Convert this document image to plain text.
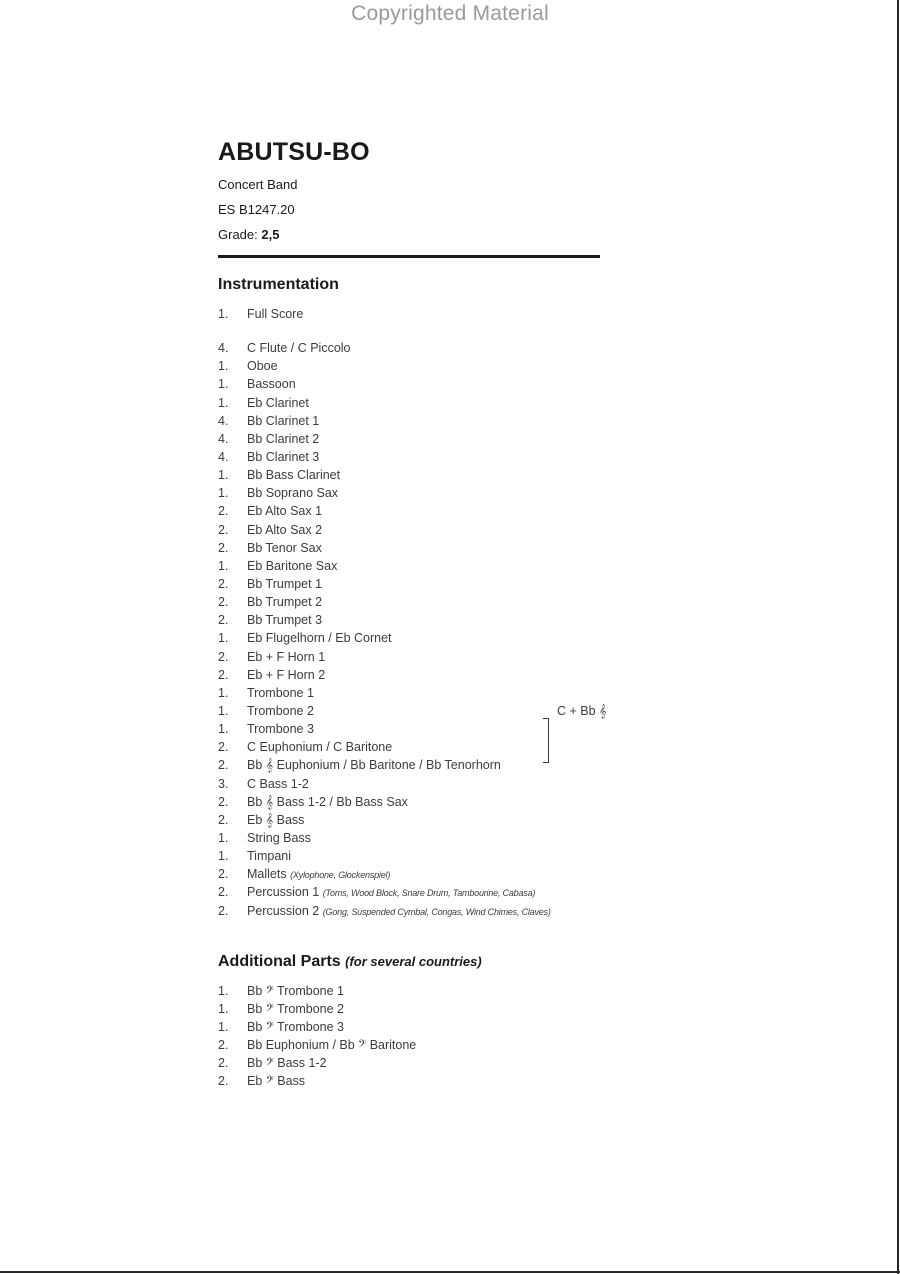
Copyrighted Material
ABUTSU-BO
Concert Band
ES B1247.20
Grade: 2,5
Instrumentation
1. Full Score
4. C Flute / C Piccolo
1. Oboe
1. Bassoon
1. Eb Clarinet
4. Bb Clarinet 1
4. Bb Clarinet 2
4. Bb Clarinet 3
1. Bb Bass Clarinet
1. Bb Soprano Sax
2. Eb Alto Sax 1
2. Eb Alto Sax 2
2. Bb Tenor Sax
1. Eb Baritone Sax
2. Bb Trumpet 1
2. Bb Trumpet 2
2. Bb Trumpet 3
1. Eb Flugelhorn / Eb Cornet
2. Eb + F Horn 1
2. Eb + F Horn 2
1. Trombone 1
1. Trombone 2
1. Trombone 3
2. C Euphonium / C Baritone
2. Bb 𝄞 Euphonium / Bb Baritone / Bb Tenorhorn
3. C Bass 1-2
2. Bb 𝄞 Bass 1-2 / Bb Bass Sax
2. Eb 𝄞 Bass
1. String Bass
1. Timpani
2. Mallets (Xylophone, Glockenspiel)
2. Percussion 1 (Toms, Wood Block, Snare Drum, Tambourine, Cabasa)
2. Percussion 2 (Gong, Suspended Cymbal, Congas, Wind Chimes, Claves)
C + Bb 𝄞
Additional Parts (for several countries)
1. Bb 𝄢 Trombone 1
1. Bb 𝄢 Trombone 2
1. Bb 𝄢 Trombone 3
2. Bb Euphonium / Bb 𝄢 Baritone
2. Bb 𝄢 Bass 1-2
2. Eb 𝄢 Bass
